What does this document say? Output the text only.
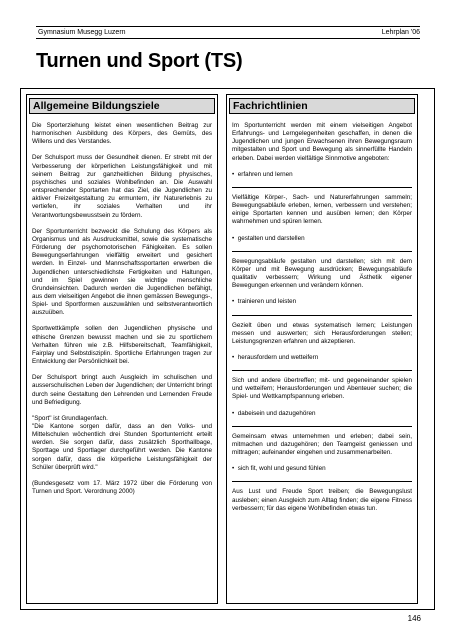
Gymnasium Musegg Luzern	Lehrplan '06
Turnen und Sport (TS)
Allgemeine Bildungsziele

Die Sporterziehung leistet einen wesentlichen Beitrag zur harmonischen Ausbildung des Körpers, des Gemüts, des Willens und des Verstandes.

Der Schulsport muss der Gesundheit dienen. Er strebt mit der Verbesserung der körperlichen Leistungsfähigkeit und mit seinem Beitrag zur ganzheitlichen Bildung physisches, psychisches und soziales Wohlbefinden an. Die Auswahl entsprechender Sportarten hat das Ziel, die Jugendlichen zu aktiver Freizeitgestaltung zu ermuntern, ihr Naturerlebnis zu vertiefen, ihr soziales Verhalten und ihr Verantwortungsbewusstsein zu fördern.

Der Sportunterricht bezweckt die Schulung des Körpers als Organismus und als Ausdrucksmittel, sowie die systematische Förderung der psychomotorischen Fähigkeiten. Es sollen Bewegungserfahrungen vielfältig erweitert und gesichert werden. In Einzel- und Mannschaftssportarten erwerben die Jugendlichen unterschiedlichste Fertigkeiten und Haltungen, und im Spiel gewinnen sie wichtige menschliche Grundeinsichten. Dadurch werden die Jugendlichen befähigt, aus dem vielseitigen Angebot die ihnen gemässen Bewegungs-, Spiel- und Sportformen auszuwählen und selbstverantwortlich auszuüben.

Sportwettkämpfe sollen den Jugendlichen physische und ethische Grenzen bewusst machen und sie zu sportlichem Verhalten führen wie z.B. Hilfsbereitschaft, Teamfähigkeit, Fairplay und Selbstdisziplin. Sportliche Erfahrungen tragen zur Entwicklung der Persönlichkeit bei.

Der Schulsport bringt auch Ausgleich im schulischen und ausserschulischen Leben der Jugendlichen; der Unterricht bringt durch seine Gestaltung den Lehrenden und Lernenden Freude und Befriedigung.

"Sport" ist Grundlagenfach.

"Die Kantone sorgen dafür, dass an den Volks- und Mittelschulen wöchentlich drei Stunden Sportunterricht erteilt werden. Sie sorgen dafür, dass zusätzlich Sporthallbage, Sporttage und Sportlager durchgeführt werden. Die Kantone sorgen dafür, dass die körperliche Leistungsfähigkeit der Schüler überprüft wird."

(Bundesgesetz vom 17. März 1972 über die Förderung von Turnen und Sport. Verordnung 2000)

Fachrichtlinien

Im Sportunterricht werden mit einem vielseitigen Angebot Erfahrungs- und Lerngelegenheiten geschaffen, in denen die Jugendlichen und jungen Erwachsenen ihren Bewegungsraum mitgestalten und Sport und Bewegung als sinnerfüllte Handeln erleben. Dabei werden vielfältige Sinnmotive angeboten:

•  erfahren und lernen

Vielfältige Körper-, Sach- und Naturerfahrungen sammeln; Bewegungsabläufe erleben, lernen, verbessern und verstehen; einige Sportarten kennen und ausüben lernen; den Körper wahrnehmen und spüren lernen.

•  gestalten und darstellen

Bewegungsabläufe gestalten und darstellen; sich mit dem Körper und mit Bewegung ausdrücken; Bewegungsabläufe qualitativ verbessern; Wirkung und Ästhetik eigener Bewegungen erkennen und verändern können.

•  trainieren und leisten

Gezielt üben und etwas systematisch lernen; Leistungen messen und auswerten; sich Herausforderungen stellen; Leistungsgrenzen erfahren und akzeptieren.

•  herausfordern und wetteifern

Sich und andere übertreffen; mit- und gegeneinander spielen und wetteifern; Herausforderungen und Abenteuer suchen; die Spiel- und Wettkampfspannung erleben.

•  dabeisein und dazugehören

Gemeinsam etwas unternehmen und erleben; dabei sein, mitmachen und dazugehören; den Teamgeist geniessen und mittragen; aufeinander eingehen und zusammenarbeiten.

•  sich fit, wohl und gesund fühlen

Aus Lust und Freude Sport treiben; die Bewegungslust ausleben; einen Ausgleich zum Alltag finden; die eigene Fitness verbessern; für das eigene Wohlbefinden etwas tun.

146
